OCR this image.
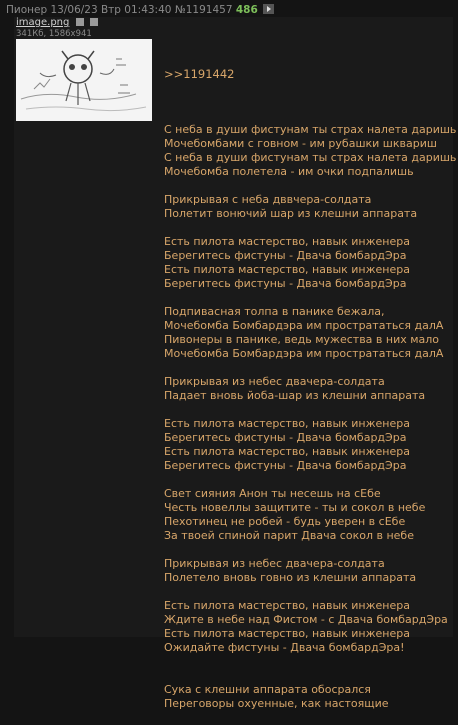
Пионер 13/06/23 Втр 01:43:40 №1191457 486
image.png
341Кб, 1586x941

>>1191442

С неба в души фистунам ты страх налета даришь
Мочебомбами с говном - им рубашки шквариш
С неба в души фистунам ты страх налета даришь
Мочебомба полетела - им очки подпалишь
Прикрывая с неба дввчера-солдата
Полетит вонючий шар из клешни аппарата
Есть пилота мастерство, навык инженера
Берегитесь фистуны - Двача бомбардЭра
Есть пилота мастерство, навык инженера
Берегитесь фистуны - Двача бомбардЭра
Подпивасная толпа в панике бежала,
Мочебомба Бомбардэра им прострататься далА
Пивонеры в панике, ведь мужества в них мало
Мочебомба Бомбардэра им прострататься далА
Прикрывая из небес двачера-солдата
Падает вновь йоба-шар из клешни аппарата
Есть пилота мастерство, навык инженера
Берегитесь фистуны - Двача бомбардЭра
Есть пилота мастерство, навык инженера
Берегитесь фистуны - Двача бомбардЭра
Свет сияния Анон ты несешь на сЕбе
Честь новеллы защитите - ты и сокол в небе
Пехотинец не робей - будь уверен в сЕбе
За твоей спиной парит Двача сокол в небе
Прикрывая из небес двачера-солдата
Полетело вновь говно из клешни аппарата
Есть пилота мастерство, навык инженера
Ждите в небе над Фистом - с Двача бомбардЭра
Есть пилота мастерство, навык инженера
Ожидайте фистуны - Двача бомбардЭра!
Сука с клешни аппарата обосрался
Переговоры охуенные, как настоящие
